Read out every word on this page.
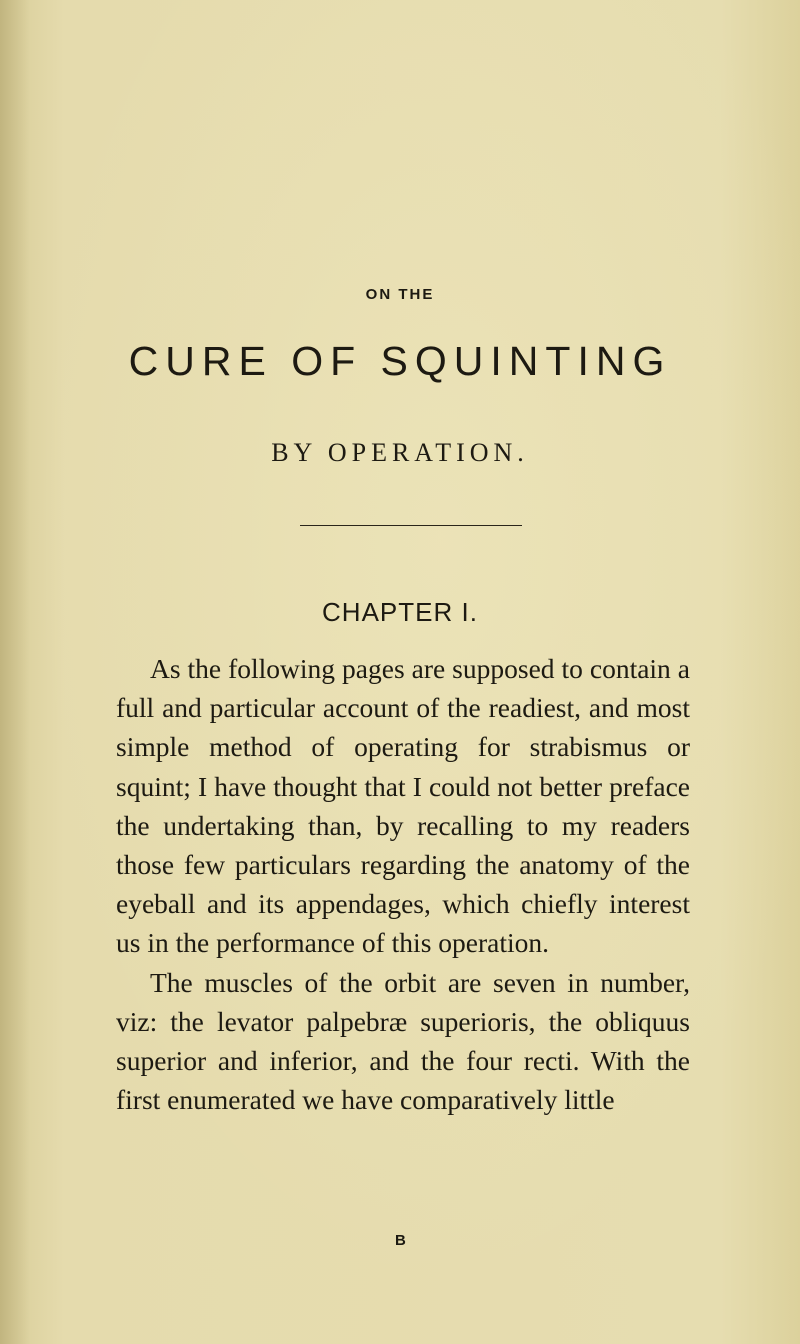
ON THE
CURE OF SQUINTING
BY OPERATION.
CHAPTER I.

As the following pages are supposed to contain a full and particular account of the readiest, and most simple method of operating for strabismus or squint; I have thought that I could not better preface the undertaking than, by recalling to my readers those few particulars regarding the anatomy of the eyeball and its appendages, which chiefly interest us in the performance of this operation.

The muscles of the orbit are seven in number, viz: the levator palpebræ superioris, the obliquus superior and inferior, and the four recti. With the first enumerated we have comparatively little

B
